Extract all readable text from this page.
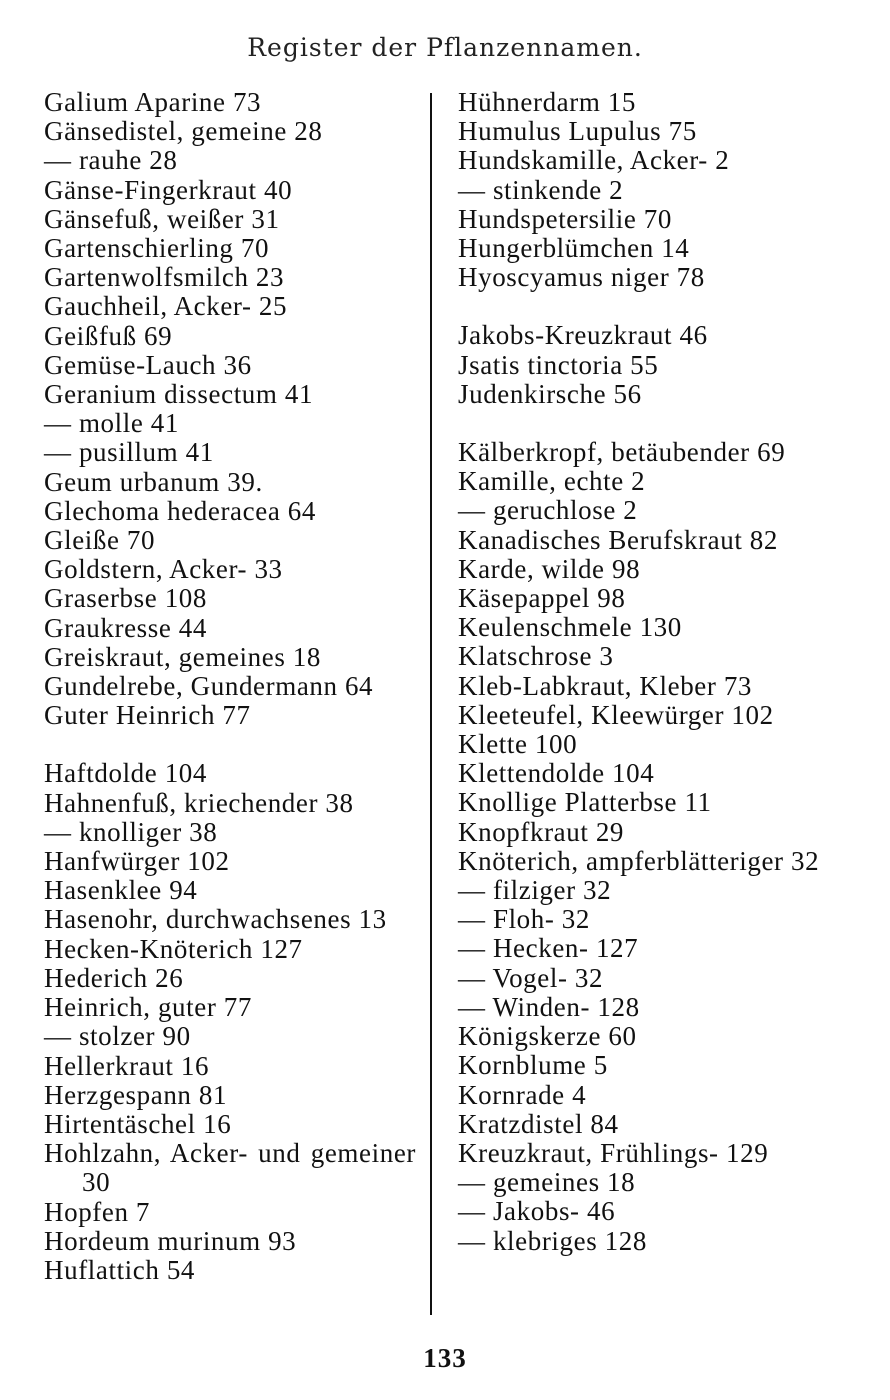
Register der Pflanzennamen.
Galium Aparine 73
Gänsedistel, gemeine 28
— rauhe 28
Gänse-Fingerkraut 40
Gänsefuß, weißer 31
Gartenschierling 70
Gartenwolfsmilch 23
Gauchheil, Acker- 25
Geißfuß 69
Gemüse-Lauch 36
Geranium dissectum 41
— molle 41
— pusillum 41
Geum urbanum 39.
Glechoma hederacea 64
Gleiße 70
Goldstern, Acker- 33
Graserbse 108
Graukresse 44
Greiskraut, gemeines 18
Gundelrebe, Gundermann 64
Guter Heinrich 77
Haftdolde 104
Hahnenfuß, kriechender 38
— knolliger 38
Hanfwürger 102
Hasenklee 94
Hasenohr, durchwachsenes 13
Hecken-Knöterich 127
Hederich 26
Heinrich, guter 77
— stolzer 90
Hellerkraut 16
Herzgespann 81
Hirtentäschel 16
Hohlzahn, Acker- und gemeiner 30
Hopfen 7
Hordeum murinum 93
Huflattich 54
Hühnerdarm 15
Humulus Lupulus 75
Hundskamille, Acker- 2
— stinkende 2
Hundspetersilie 70
Hungerblümchen 14
Hyoscyamus niger 78
Jakobs-Kreuzkraut 46
Jsatis tinctoria 55
Judenkirsche 56
Kälberkropf, betäubender 69
Kamille, echte 2
— geruchlose 2
Kanadisches Berufskraut 82
Karde, wilde 98
Käsepappel 98
Keulenschmele 130
Klatschrose 3
Kleb-Labkraut, Kleber 73
Kleeteufel, Kleewürger 102
Klette 100
Klettendolde 104
Knollige Platterbse 11
Knopfkraut 29
Knöterich, ampferblätteriger 32
— filziger 32
— Floh- 32
— Hecken- 127
— Vogel- 32
— Winden- 128
Königskerze 60
Kornblume 5
Kornrade 4
Kratzdistel 84
Kreuzkraut, Frühlings- 129
— gemeines 18
— Jakobs- 46
— klebriges 128
133
